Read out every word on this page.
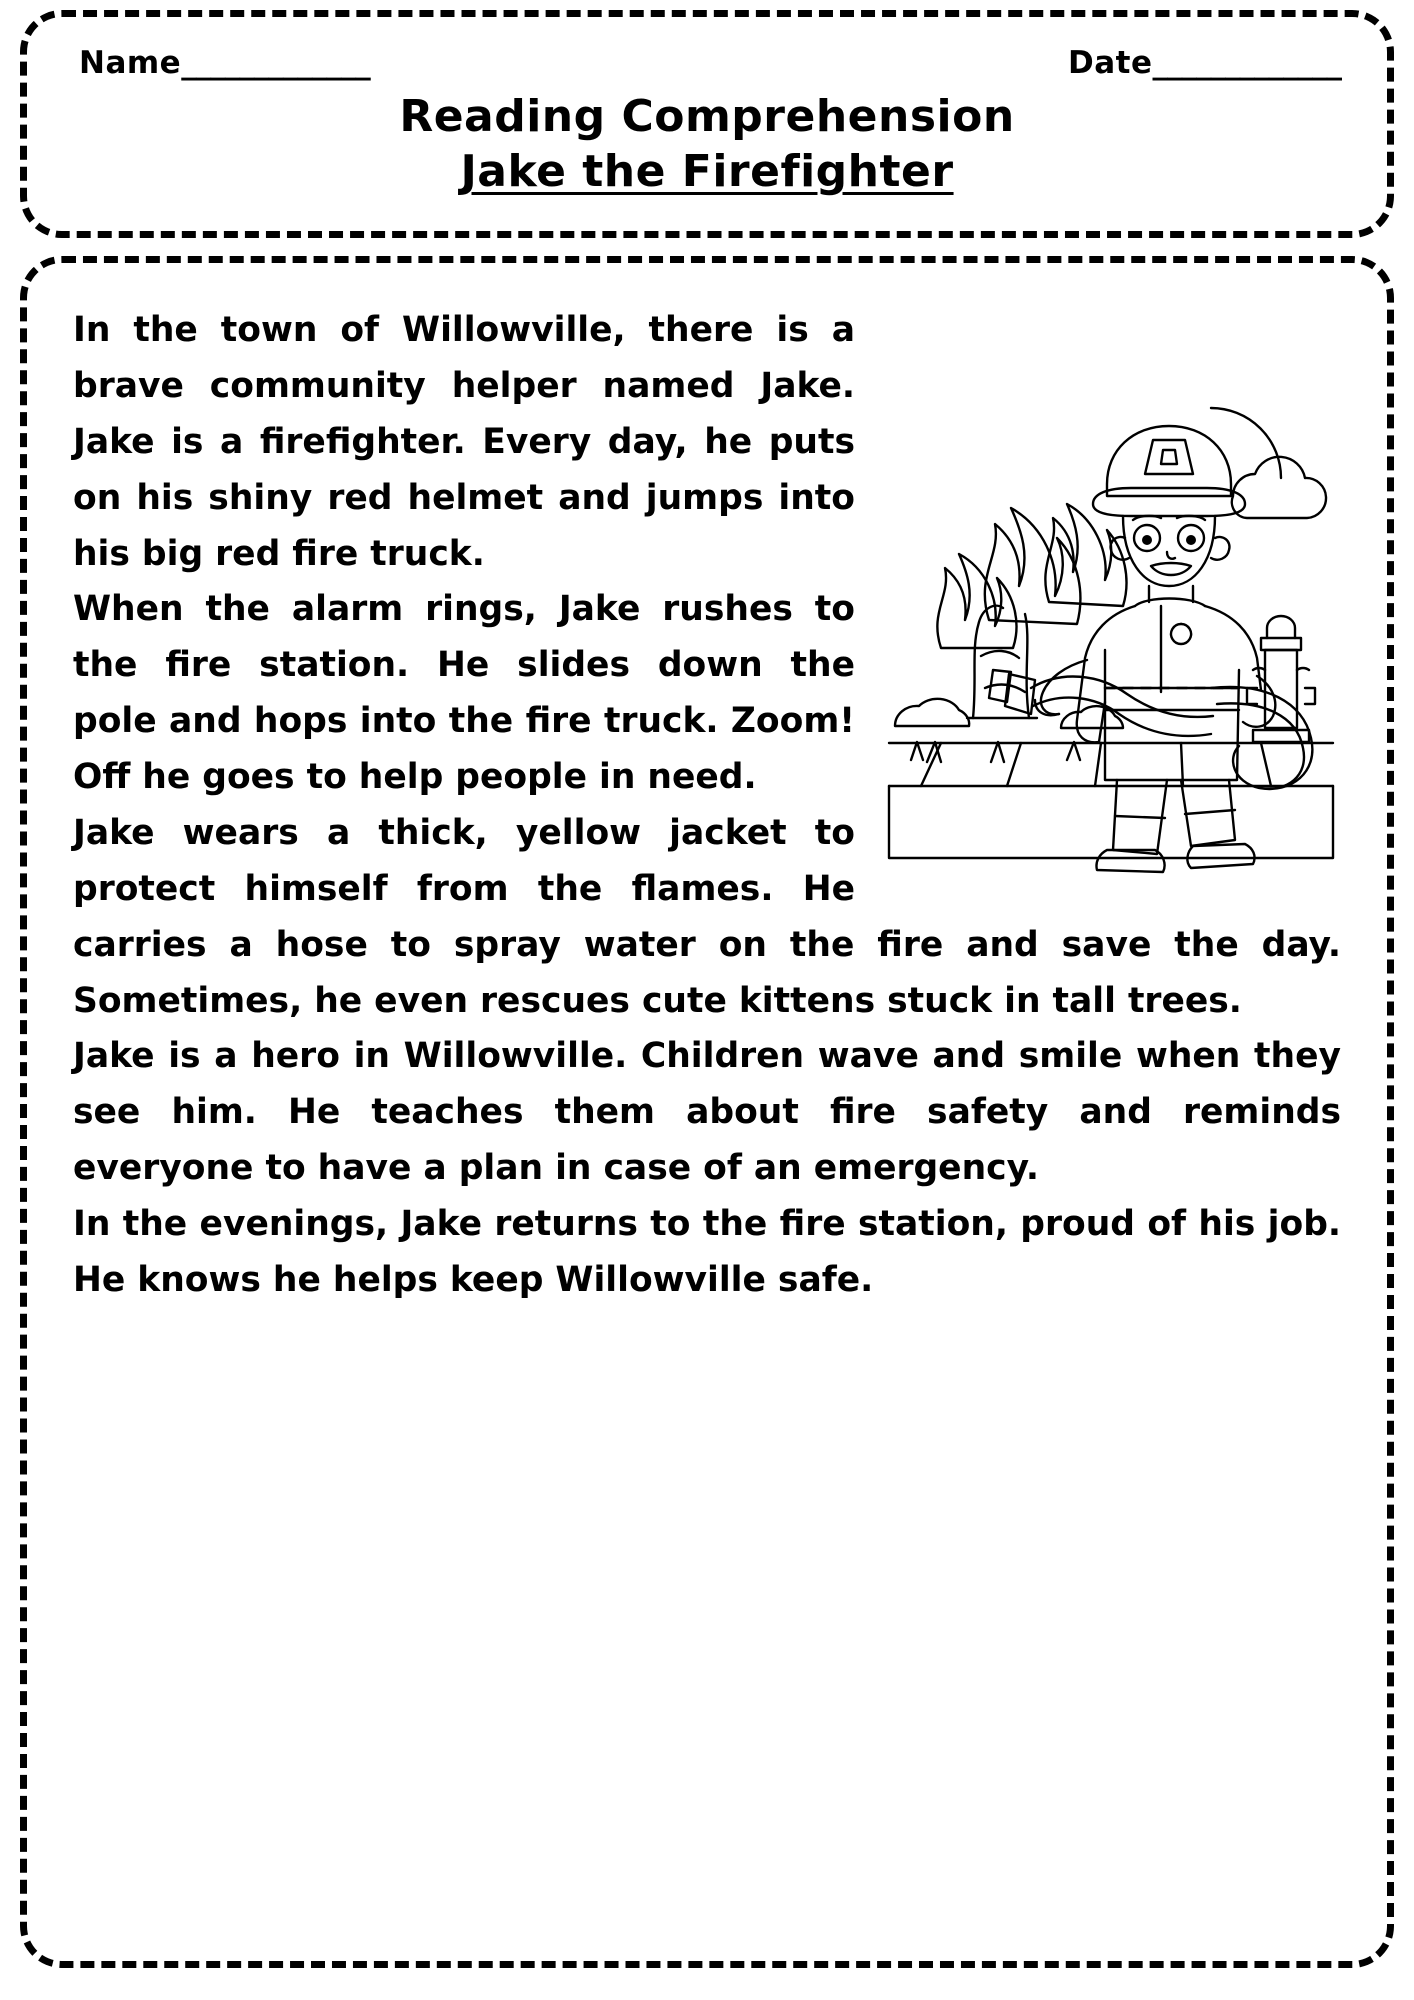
Name_____________	Date_____________
Reading Comprehension
Jake the Firefighter

In the town of Willowville, there is a brave community helper named Jake. Jake is a firefighter. Every day, he puts on his shiny red helmet and jumps into his big red fire truck.

When the alarm rings, Jake rushes to the fire station. He slides down the pole and hops into the fire truck. Zoom! Off he goes to help people in need.

Jake wears a thick, yellow jacket to protect himself from the flames. He carries a hose to spray water on the fire and save the day. Sometimes, he even rescues cute kittens stuck in tall trees.

Jake is a hero in Willowville. Children wave and smile when they see him. He teaches them about fire safety and reminds everyone to have a plan in case of an emergency.

In the evenings, Jake returns to the fire station, proud of his job. He knows he helps keep Willowville safe.
